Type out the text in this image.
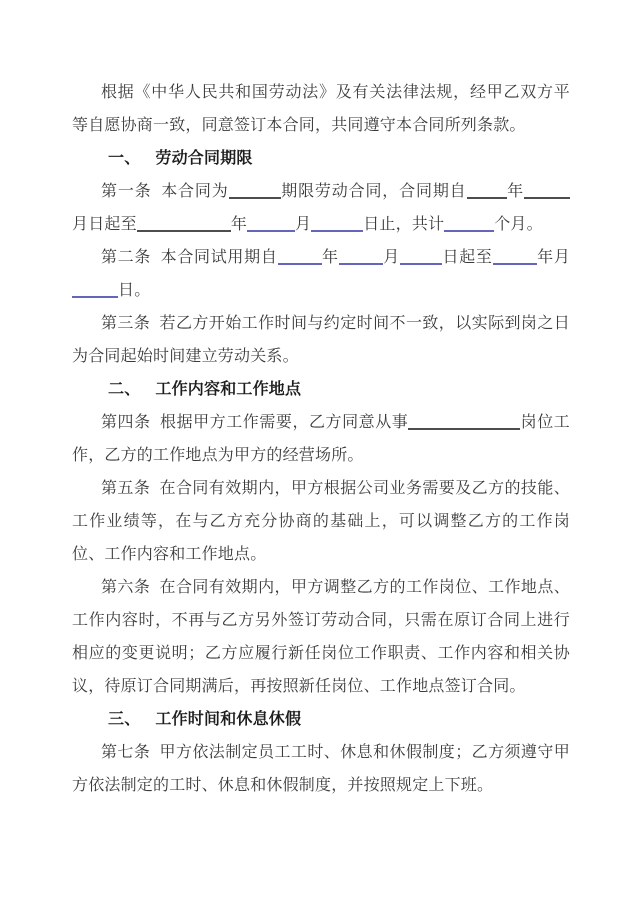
根据《中华人民共和国劳动法》及有关法律法规，经甲乙双方平等自愿协商一致，同意签订本合同，共同遵守本合同所列条款。

一、 劳动合同期限

第一条 本合同为	期限劳动合同，合同期自	年月日起至	年	月	日止，共计	个月。

第二条 本合同试用期自	年	月	日起至	年月日。

第三条 若乙方开始工作时间与约定时间不一致，以实际到岗之日为合同起始时间建立劳动关系。

二、 工作内容和工作地点

第四条 根据甲方工作需要，乙方同意从事	岗位工作，乙方的工作地点为甲方的经营场所。

第五条 在合同有效期内，甲方根据公司业务需要及乙方的技能、工作业绩等，在与乙方充分协商的基础上，可以调整乙方的工作岗位、工作内容和工作地点。

第六条 在合同有效期内，甲方调整乙方的工作岗位、工作地点、工作内容时，不再与乙方另外签订劳动合同，只需在原订合同上进行相应的变更说明；乙方应履行新任岗位工作职责、工作内容和相关协议，待原订合同期满后，再按照新任岗位、工作地点签订合同。

三、 工作时间和休息休假

第七条 甲方依法制定员工工时、休息和休假制度；乙方须遵守甲方依法制定的工时、休息和休假制度，并按照规定上下班。
